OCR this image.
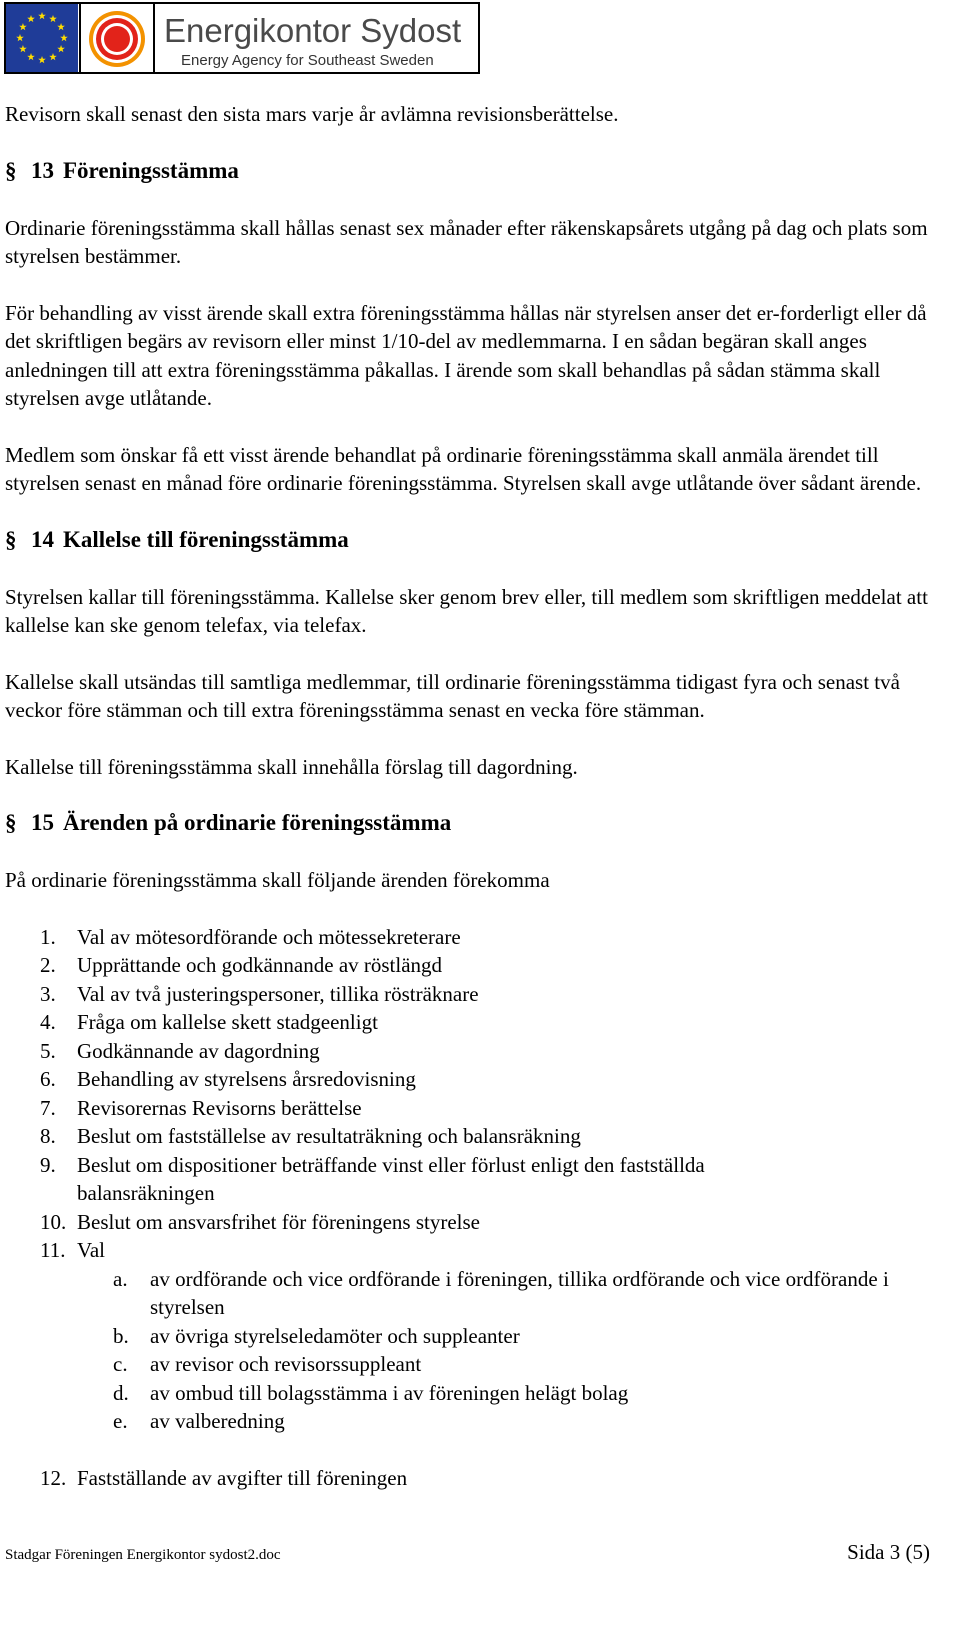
Energikontor Sydost
Energy Agency for Southeast Sweden

Revisorn skall senast den sista mars varje år avlämna revisionsberättelse.

§ 13 Föreningsstämma

Ordinarie föreningsstämma skall hållas senast sex månader efter räkenskapsårets utgång på dag och plats som styrelsen bestämmer.

För behandling av visst ärende skall extra föreningsstämma hållas när styrelsen anser det er-forderligt eller då det skriftligen begärs av revisorn eller minst 1/10-del av medlemmarna. I en sådan begäran skall anges anledningen till att extra föreningsstämma påkallas. I ärende som skall behandlas på sådan stämma skall styrelsen avge utlåtande.

Medlem som önskar få ett visst ärende behandlat på ordinarie föreningsstämma skall anmäla ärendet till styrelsen senast en månad före ordinarie föreningsstämma. Styrelsen skall avge utlåtande över sådant ärende.

§ 14 Kallelse till föreningsstämma

Styrelsen kallar till föreningsstämma. Kallelse sker genom brev eller, till medlem som skriftligen meddelat att kallelse kan ske genom telefax, via telefax.

Kallelse skall utsändas till samtliga medlemmar, till ordinarie föreningsstämma tidigast fyra och senast två veckor före stämman och till extra föreningsstämma senast en vecka före stämman.

Kallelse till föreningsstämma skall innehålla förslag till dagordning.

§ 15 Ärenden på ordinarie föreningsstämma

På ordinarie föreningsstämma skall följande ärenden förekomma

1.	Val av mötesordförande och mötessekreterare
2.	Upprättande och godkännande av röstlängd
3.	Val av två justeringspersoner, tillika rösträknare
4.	Fråga om kallelse skett stadgeenligt
5.	Godkännande av dagordning
6.	Behandling av styrelsens årsredovisning
7.	Revisorernas Revisorns berättelse
8.	Beslut om fastställelse av resultaträkning och balansräkning
9.	Beslut om dispositioner beträffande vinst eller förlust enligt den fastställda balansräkningen
10. Beslut om ansvarsfrihet för föreningens styrelse
11. Val
a.	av ordförande och vice ordförande i föreningen, tillika ordförande och vice ordförande i styrelsen
b.	av övriga styrelseledamöter och suppleanter
c.	av revisor och revisorssuppleant
d.	av ombud till bolagsstämma i av föreningen helägt bolag
e.	av valberedning
12. Fastställande av avgifter till föreningen
Stadgar Föreningen Energikontor sydost2.doc	Sida 3 (5)
